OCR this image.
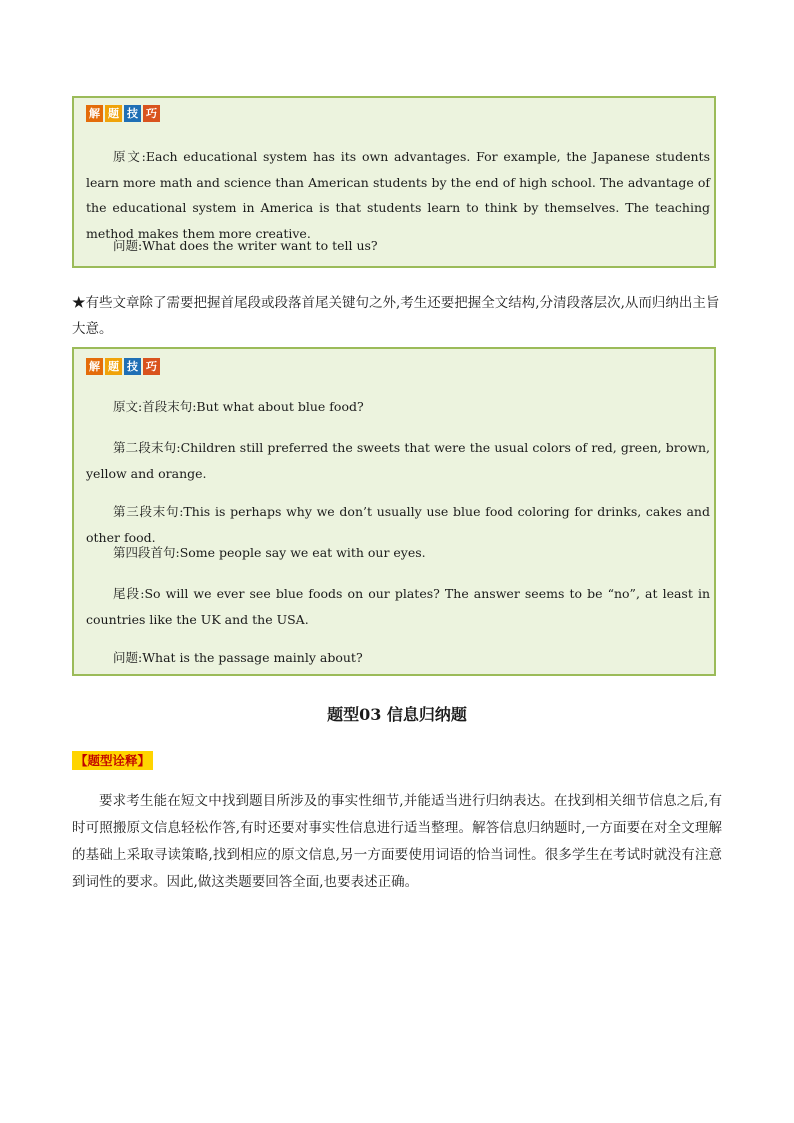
解 题 技 巧

原文:Each educational system has its own advantages. For example, the Japanese students learn more math and science than American students by the end of high school. The advantage of the educational system in America is that students learn to think by themselves. The teaching method makes them more creative.

问题:What does the writer want to tell us?

★有些文章除了需要把握首尾段或段落首尾关键句之外,考生还要把握全文结构,分清段落层次,从而归纳出主旨大意。

解 题 技 巧

原文:首段末句:But what about blue food?

第二段末句:Children still preferred the sweets that were the usual colors of red, green, brown, yellow and orange.

第三段末句:This is perhaps why we don’t usually use blue food coloring for drinks, cakes and other food.

第四段首句:Some people say we eat with our eyes.

尾段:So will we ever see blue foods on our plates? The answer seems to be “no”, at least in countries like the UK and the USA.

问题:What is the passage mainly about?

题型03 信息归纳题
【题型诠释】

要求考生能在短文中找到题目所涉及的事实性细节,并能适当进行归纳表达。在找到相关细节信息之后,有时可照搬原文信息轻松作答,有时还要对事实性信息进行适当整理。解答信息归纳题时,一方面要在对全文理解的基础上采取寻读策略,找到相应的原文信息,另一方面要使用词语的恰当词性。很多学生在考试时就没有注意到词性的要求。因此,做这类题要回答全面,也要表述正确。
